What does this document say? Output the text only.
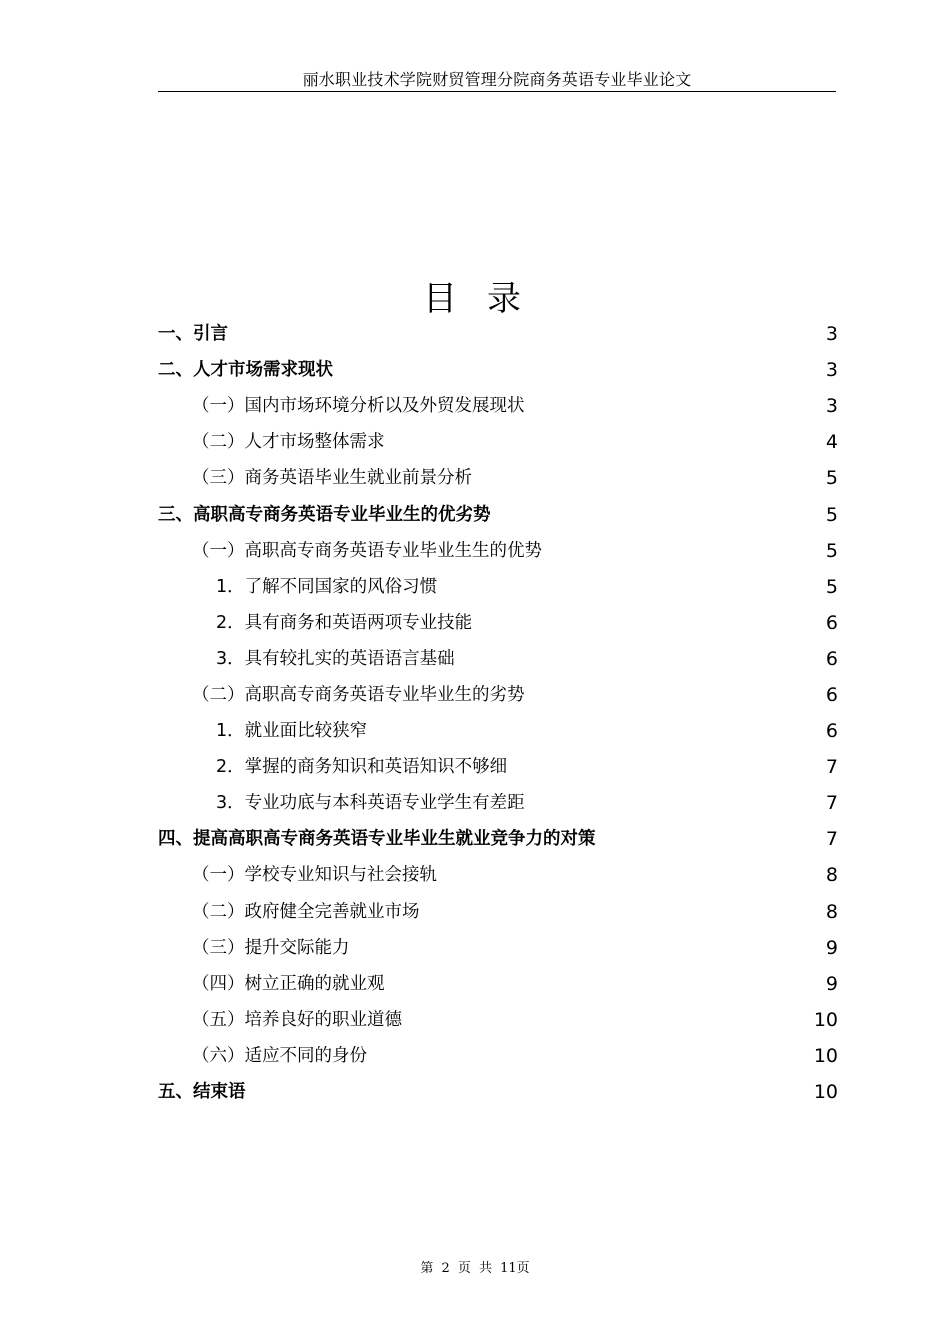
丽水职业技术学院财贸管理分院商务英语专业毕业论文
目录
一、引言	3
二、人才市场需求现状	3
（一）国内市场环境分析以及外贸发展现状	3
（二）人才市场整体需求	4
（三）商务英语毕业生就业前景分析	5
三、高职高专商务英语专业毕业生的优劣势	5
（一）高职高专商务英语专业毕业生生的优势	5
1．了解不同国家的风俗习惯	5
2．具有商务和英语两项专业技能	6
3．具有较扎实的英语语言基础	6
（二）高职高专商务英语专业毕业生的劣势	6
1．就业面比较狭窄	6
2．掌握的商务知识和英语知识不够细	7
3．专业功底与本科英语专业学生有差距	7
四、提高高职高专商务英语专业毕业生就业竞争力的对策	7
（一）学校专业知识与社会接轨	8
（二）政府健全完善就业市场	8
（三）提升交际能力	9
（四）树立正确的就业观	9
（五）培养良好的职业道德	10
（六）适应不同的身份	10
五、结束语	10
第 2 页 共 11页
